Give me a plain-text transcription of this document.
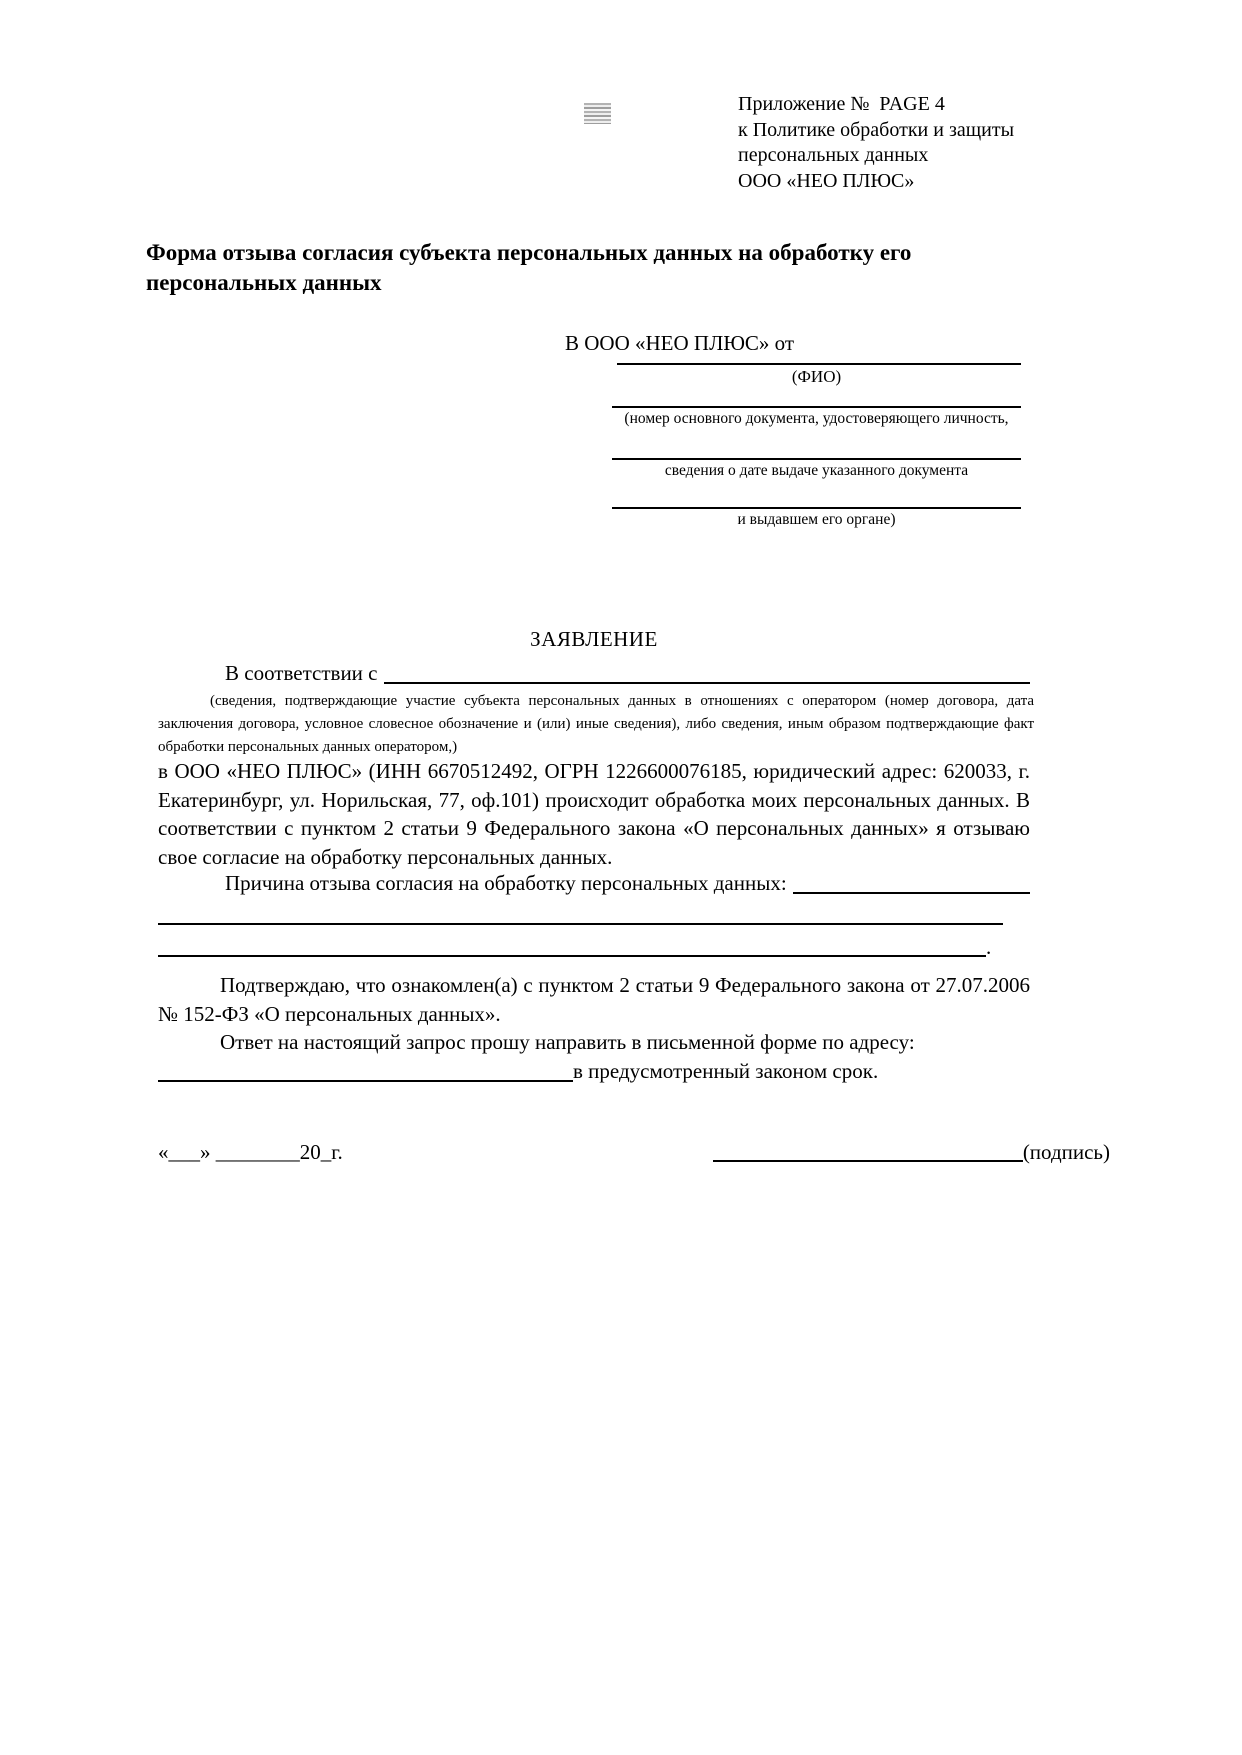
Приложение №  PAGE 4
к Политике обработки и защиты
персональных данных
ООО «НЕО ПЛЮС»
Форма отзыва согласия субъекта персональных данных на обработку его персональных данных
В ООО «НЕО ПЛЮС» от
(ФИО)
(номер основного документа, удостоверяющего личность,
сведения о дате выдаче указанного документа
и выдавшем его органе)
ЗАЯВЛЕНИЕ
В соответствии с
(сведения, подтверждающие участие субъекта персональных данных в отношениях с оператором (номер договора, дата заключения договора, условное словесное обозначение и (или) иные сведения), либо сведения, иным образом подтверждающие факт обработки персональных данных оператором,)
в ООО «НЕО ПЛЮС» (ИНН 6670512492, ОГРН 1226600076185, юридический адрес: 620033, г. Екатеринбург, ул. Норильская, 77, оф.101) происходит обработка моих персональных данных. В соответствии с пунктом 2 статьи 9 Федерального закона «О персональных данных» я отзываю свое согласие на обработку персональных данных.
Причина отзыва согласия на обработку персональных данных:
.

Подтверждаю, что ознакомлен(а) с пунктом 2 статьи 9 Федерального закона от 27.07.2006 № 152-ФЗ «О персональных данных».

Ответ на настоящий запрос прошу направить в письменной форме по адресу:

в предусмотренный законом срок.
«___» ________20_г.	(подпись)
